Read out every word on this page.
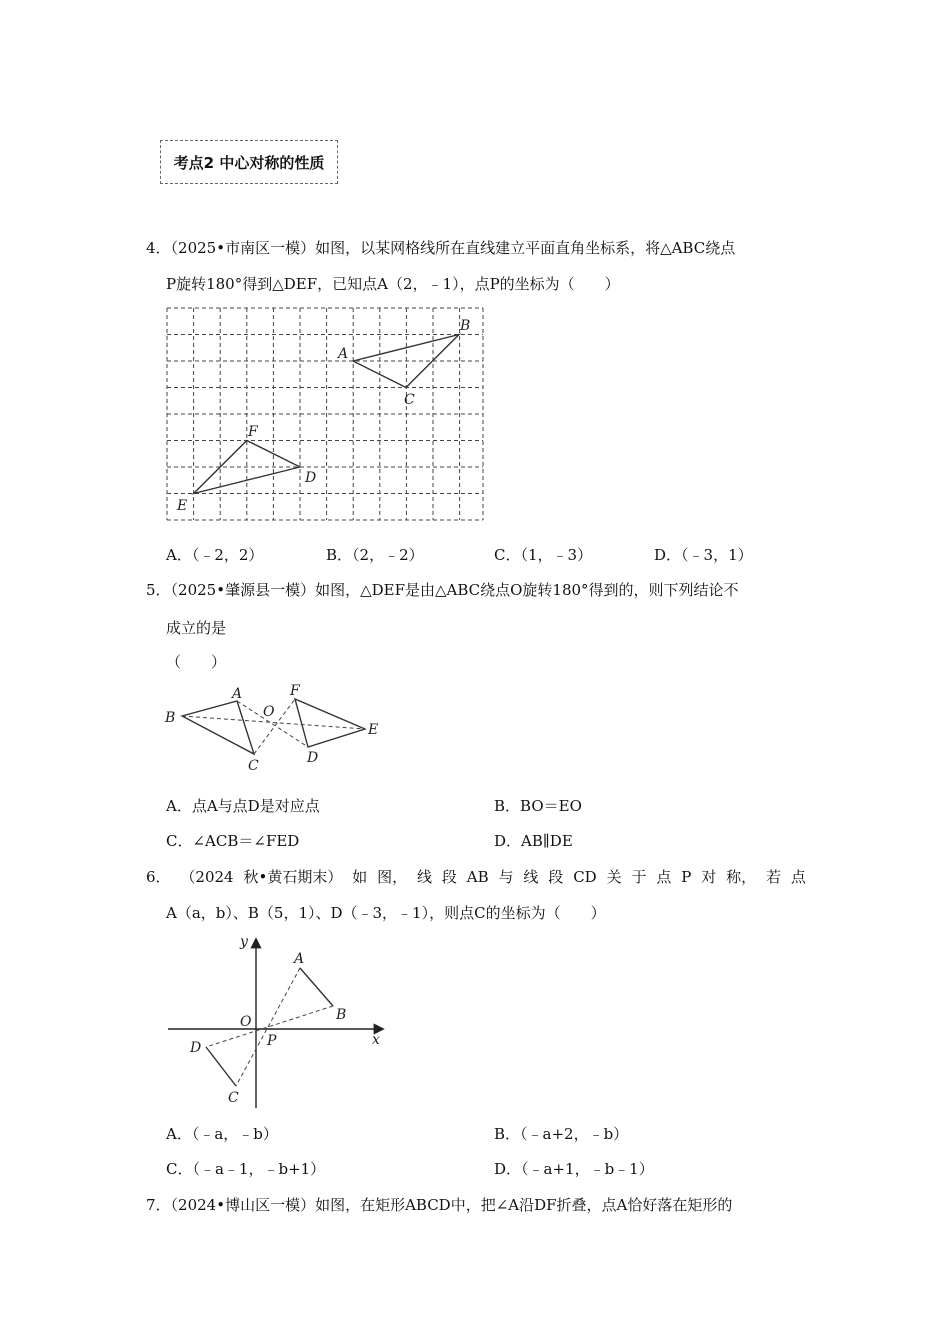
考点2 中心对称的性质
4．（2025•市南区一模）如图，以某网格线所在直线建立平面直角坐标系，将△ABC绕点
P旋转180°得到△DEF，已知点A（2，﹣1），点P的坐标为（　　）
A
B
C
D
E
F
A．（﹣2，2）	B．（2，﹣2）	C．（1，﹣3）	D．（﹣3，1）
5．（2025•肇源县一模）如图，△DEF是由△ABC绕点O旋转180°得到的，则下列结论不
成立的是
（　　）
B
A
C
O
F
D
E
A．点A与点D是对应点	B．BO＝EO
C．∠ACB＝∠FED	D．AB∥DE
6． （2024 秋•黄石期末） 如 图， 线 段 AB 与 线 段 CD 关 于 点 P 对 称， 若 点
A（a，b）、B（5，1）、D（﹣3，﹣1），则点C的坐标为（　　）
y
x
O
P
A
B
D
C
A．（﹣a，﹣b）	B．（﹣a+2，﹣b）
C．（﹣a﹣1，﹣b+1）	D．（﹣a+1，﹣b﹣1）
7．（2024•博山区一模）如图，在矩形ABCD中，把∠A沿DF折叠，点A恰好落在矩形的
